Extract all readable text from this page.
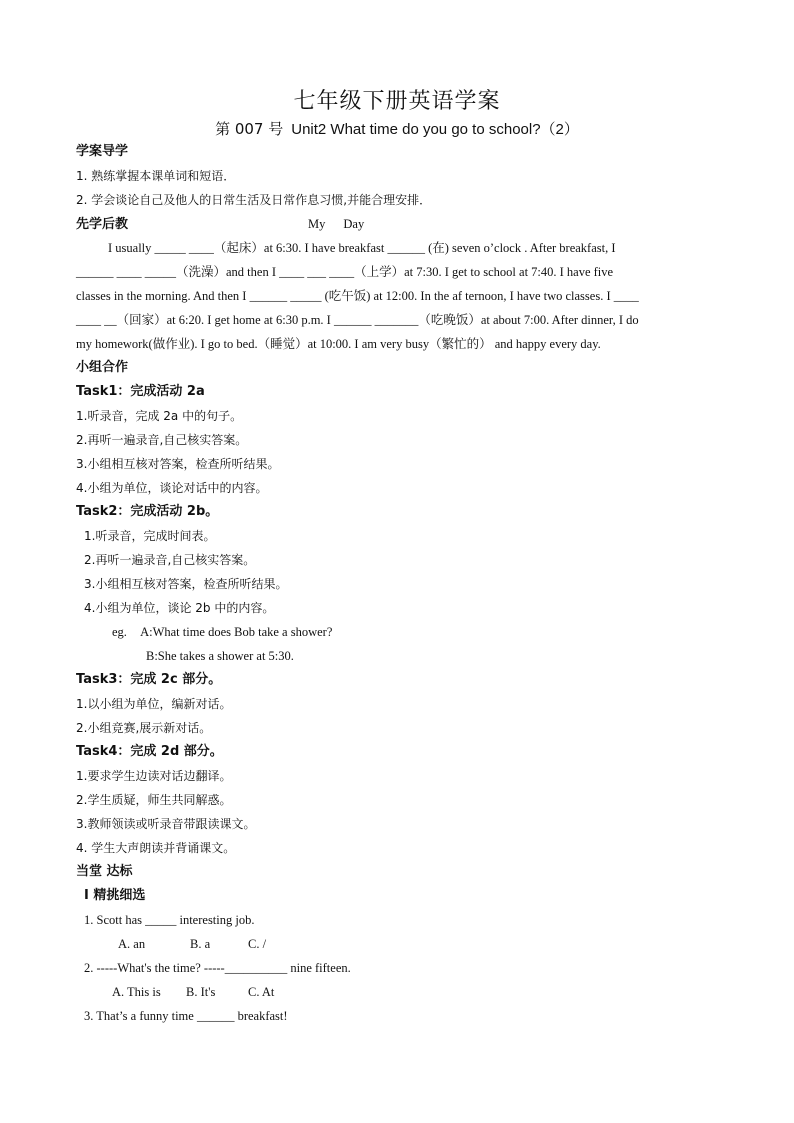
七年级下册英语学案
第 007 号 Unit2 What time do you go to school?（2）
学案导学
1. 熟练掌握本课单词和短语．
2. 学会谈论自己及他人的日常生活及日常作息习惯,并能合理安排．
先学后教	My Day
I usually _____ ____（起床）at 6:30. I have breakfast ______ (在) seven o’clock . After breakfast, I
______ ____ _____（洗澡）and then I ____ ___ ____（上学）at 7:30. I get to school at 7:40. I have five
classes in the morning. And then I ______ _____ (吃午饭) at 12:00. In the af ternoon, I have two classes. I ____
____ __（回家）at 6:20. I get home at 6:30 p.m. I ______ _______（吃晚饭）at about 7:00. After dinner, I do
my homework(做作业). I go to bed.（睡觉）at 10:00. I am very busy（繁忙的） and happy every day.
小组合作
Task1：完成活动 2a
1.听录音，完成 2a 中的句子。
2.再听一遍录音,自己核实答案。
3.小组相互核对答案，检查所听结果。
4.小组为单位，谈论对话中的内容。
Task2：完成活动 2b。
1.听录音，完成时间表。
2.再听一遍录音,自己核实答案。
3.小组相互核对答案，检查所听结果。
4.小组为单位，谈论 2b 中的内容。
eg. A:What time does Bob take a shower?
B:She takes a shower at 5:30.
Task3：完成 2c 部分。
1.以小组为单位，编新对话。
2.小组竞赛,展示新对话。
Task4：完成 2d 部分。
1.要求学生边读对话边翻译。
2.学生质疑，师生共同解惑。
3.教师领读或听录音带跟读课文。
4. 学生大声朗读并背诵课文。
当堂 达标
I 精挑细选
1. Scott has _____ interesting job.
A. an	B. a	C. /
2. -----What's the time? -----__________ nine fifteen.
A. This is B. It's	C. At
3. That’s a funny time ______ breakfast!
